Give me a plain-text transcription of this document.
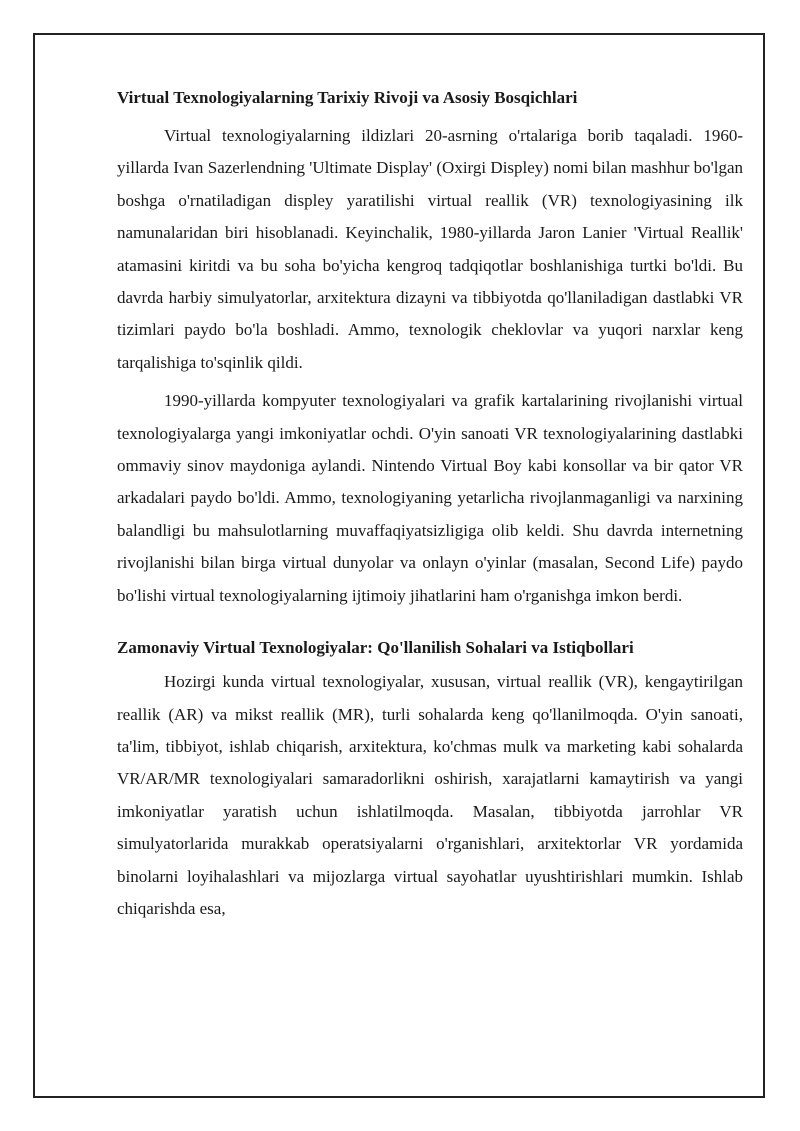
Virtual Texnologiyalarning Tarixiy Rivoji va Asosiy Bosqichlari

Virtual texnologiyalarning ildizlari 20-asrning o'rtalariga borib taqaladi. 1960-yillarda Ivan Sazerlendning 'Ultimate Display' (Oxirgi Displey) nomi bilan mashhur bo'lgan boshga o'rnatiladigan displey yaratilishi virtual reallik (VR) texnologiyasining ilk namunalaridan biri hisoblanadi. Keyinchalik, 1980-yillarda Jaron Lanier 'Virtual Reallik' atamasini kiritdi va bu soha bo'yicha kengroq tadqiqotlar boshlanishiga turtki bo'ldi. Bu davrda harbiy simulyatorlar, arxitektura dizayni va tibbiyotda qo'llaniladigan dastlabki VR tizimlari paydo bo'la boshladi. Ammo, texnologik cheklovlar va yuqori narxlar keng tarqalishiga to'sqinlik qildi.

1990-yillarda kompyuter texnologiyalari va grafik kartalarining rivojlanishi virtual texnologiyalarga yangi imkoniyatlar ochdi. O'yin sanoati VR texnologiyalarining dastlabki ommaviy sinov maydoniga aylandi. Nintendo Virtual Boy kabi konsollar va bir qator VR arkadalari paydo bo'ldi. Ammo, texnologiyaning yetarlicha rivojlanmaganligi va narxining balandligi bu mahsulotlarning muvaffaqiyatsizligiga olib keldi. Shu davrda internetning rivojlanishi bilan birga virtual dunyolar va onlayn o'yinlar (masalan, Second Life) paydo bo'lishi virtual texnologiyalarning ijtimoiy jihatlarini ham o'rganishga imkon berdi.

Zamonaviy Virtual Texnologiyalar: Qo'llanilish Sohalari va Istiqbollari

Hozirgi kunda virtual texnologiyalar, xususan, virtual reallik (VR), kengaytirilgan reallik (AR) va mikst reallik (MR), turli sohalarda keng qo'llanilmoqda. O'yin sanoati, ta'lim, tibbiyot, ishlab chiqarish, arxitektura, ko'chmas mulk va marketing kabi sohalarda VR/AR/MR texnologiyalari samaradorlikni oshirish, xarajatlarni kamaytirish va yangi imkoniyatlar yaratish uchun ishlatilmoqda. Masalan, tibbiyotda jarrohlar VR simulyatorlarida murakkab operatsiyalarni o'rganishlari, arxitektorlar VR yordamida binolarni loyihalashlari va mijozlarga virtual sayohatlar uyushtirishlari mumkin. Ishlab chiqarishda esa,
